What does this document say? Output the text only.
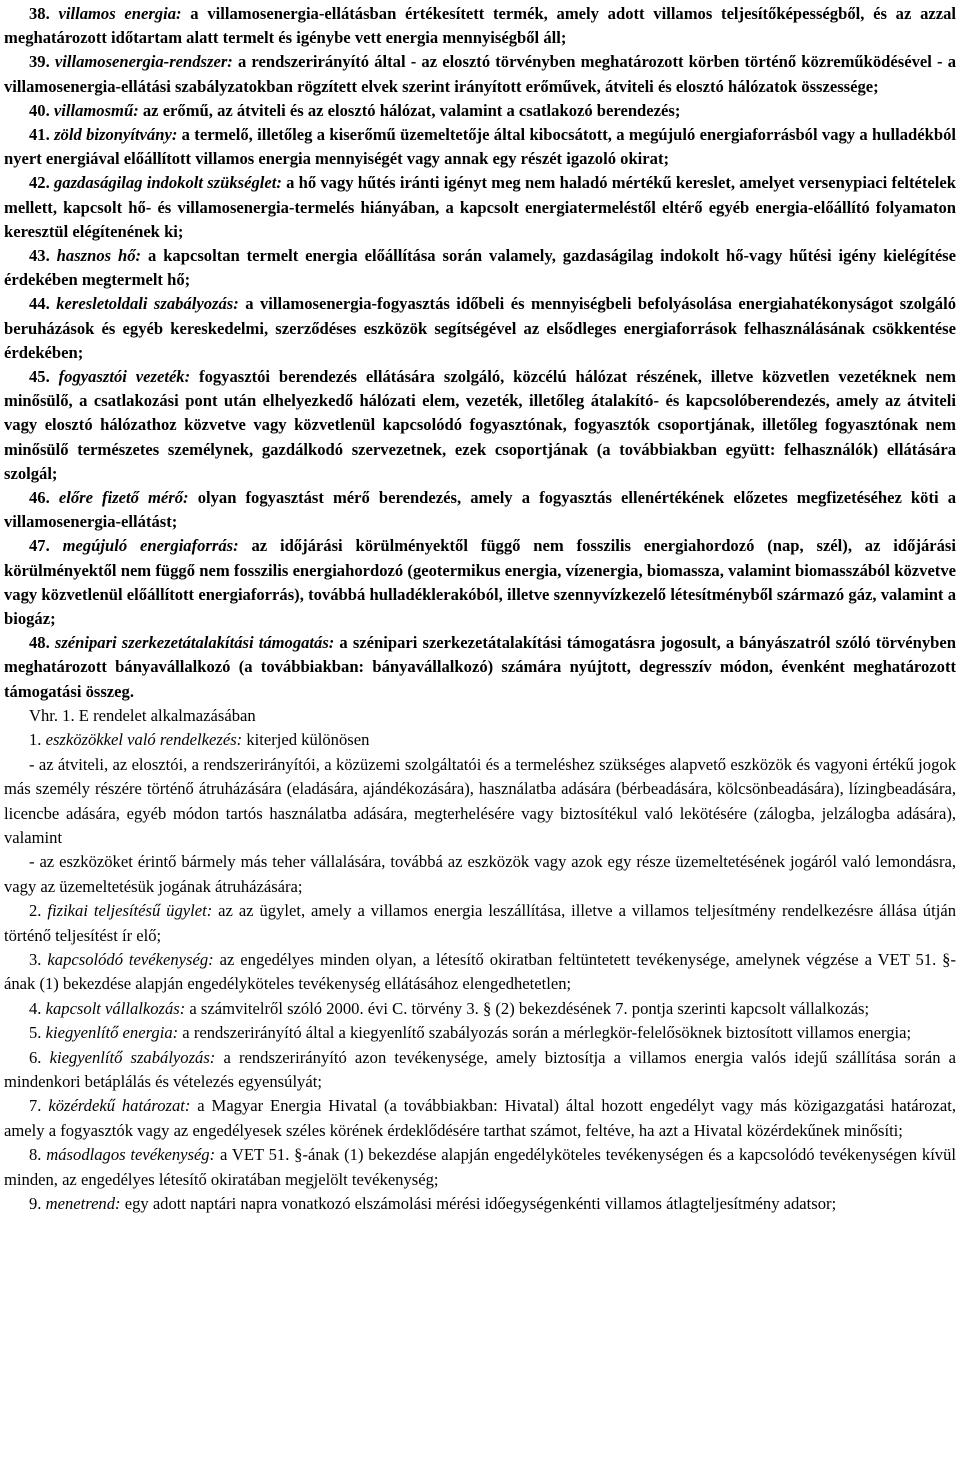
38. villamos energia: a villamosenergia-ellátásban értékesített termék, amely adott villamos teljesítőképességből, és az azzal meghatározott időtartam alatt termelt és igénybe vett energia mennyiségből áll;

39. villamosenergia-rendszer: a rendszerirányító által - az elosztó törvényben meghatározott körben történő közreműködésével - a villamosenergia-ellátási szabályzatokban rögzített elvek szerint irányított erőművek, átviteli és elosztó hálózatok összessége;

40. villamosmű: az erőmű, az átviteli és az elosztó hálózat, valamint a csatlakozó berendezés;

41. zöld bizonyítvány: a termelő, illetőleg a kiserőmű üzemeltetője által kibocsátott, a megújuló energiaforrásból vagy a hulladékból nyert energiával előállított villamos energia mennyiségét vagy annak egy részét igazoló okirat;

42. gazdaságilag indokolt szükséglet: a hő vagy hűtés iránti igényt meg nem haladó mértékű kereslet, amelyet versenypiaci feltételek mellett, kapcsolt hő- és villamosenergia-termelés hiányában, a kapcsolt energiatermeléstől eltérő egyéb energia-előállító folyamaton keresztül elégítenének ki;

43. hasznos hő: a kapcsoltan termelt energia előállítása során valamely, gazdaságilag indokolt hő-vagy hűtési igény kielégítése érdekében megtermelt hő;

44. keresletoldali szabályozás: a villamosenergia-fogyasztás időbeli és mennyiségbeli befolyásolása energiahatékonyságot szolgáló beruházások és egyéb kereskedelmi, szerződéses eszközök segítségével az elsődleges energiaforrások felhasználásának csökkentése érdekében;

45. fogyasztói vezeték: fogyasztói berendezés ellátására szolgáló, közcélú hálózat részének, illetve közvetlen vezetéknek nem minősülő, a csatlakozási pont után elhelyezkedő hálózati elem, vezeték, illetőleg átalakító- és kapcsolóberendezés, amely az átviteli vagy elosztó hálózathoz közvetve vagy közvetlenül kapcsolódó fogyasztónak, fogyasztók csoportjának, illetőleg fogyasztónak nem minősülő természetes személynek, gazdálkodó szervezetnek, ezek csoportjának (a továbbiakban együtt: felhasználók) ellátására szolgál;

46. előre fizető mérő: olyan fogyasztást mérő berendezés, amely a fogyasztás ellenértékének előzetes megfizetéséhez köti a villamosenergia-ellátást;

47. megújuló energiaforrás: az időjárási körülményektől függő nem fosszilis energiahordozó (nap, szél), az időjárási körülményektől nem függő nem fosszilis energiahordozó (geotermikus energia, vízenergia, biomassza, valamint biomasszából közvetve vagy közvetlenül előállított energiaforrás), továbbá hulladéklerakóból, illetve szennyvízkezelő létesítményből származó gáz, valamint a biogáz;

48. szénipari szerkezetátalakítási támogatás: a szénipari szerkezetátalakítási támogatásra jogosult, a bányászatról szóló törvényben meghatározott bányavállalkozó (a továbbiakban: bányavállalkozó) számára nyújtott, degresszív módon, évenként meghatározott támogatási összeg.

Vhr. 1. E rendelet alkalmazásában

1. eszközökkel való rendelkezés: kiterjed különösen

- az átviteli, az elosztói, a rendszerirányítói, a közüzemi szolgáltatói és a termeléshez szükséges alapvető eszközök és vagyoni értékű jogok más személy részére történő átruházására (eladására, ajándékozására), használatba adására (bérbeadására, kölcsönbeadására), lízingbeadására, licencbe adására, egyéb módon tartós használatba adására, megterhelésére vagy biztosítékul való lekötésére (zálogba, jelzálogba adására), valamint

- az eszközöket érintő bármely más teher vállalására, továbbá az eszközök vagy azok egy része üzemeltetésének jogáról való lemondásra, vagy az üzemeltetésük jogának átruházására;

2. fizikai teljesítésű ügylet: az az ügylet, amely a villamos energia leszállítása, illetve a villamos teljesítmény rendelkezésre állása útján történő teljesítést ír elő;

3. kapcsolódó tevékenység: az engedélyes minden olyan, a létesítő okiratban feltüntetett tevékenysége, amelynek végzése a VET 51. §-ának (1) bekezdése alapján engedélyköteles tevékenység ellátásához elengedhetetlen;

4. kapcsolt vállalkozás: a számvitelről szóló 2000. évi C. törvény 3. § (2) bekezdésének 7. pontja szerinti kapcsolt vállalkozás;

5. kiegyenlítő energia: a rendszerirányító által a kiegyenlítő szabályozás során a mérlegkör-felelősöknek biztosított villamos energia;

6. kiegyenlítő szabályozás: a rendszerirányító azon tevékenysége, amely biztosítja a villamos energia valós idejű szállítása során a mindenkori betáplálás és vételezés egyensúlyát;

7. közérdekű határozat: a Magyar Energia Hivatal (a továbbiakban: Hivatal) által hozott engedélyt vagy más közigazgatási határozat, amely a fogyasztók vagy az engedélyesek széles körének érdeklődésére tarthat számot, feltéve, ha azt a Hivatal közérdekűnek minősíti;

8. másodlagos tevékenység: a VET 51. §-ának (1) bekezdése alapján engedélyköteles tevékenységen és a kapcsolódó tevékenységen kívül minden, az engedélyes létesítő okiratában megjelölt tevékenység;

9. menetrend: egy adott naptári napra vonatkozó elszámolási mérési időegységenkénti villamos átlagteljesítmény adatsor;
